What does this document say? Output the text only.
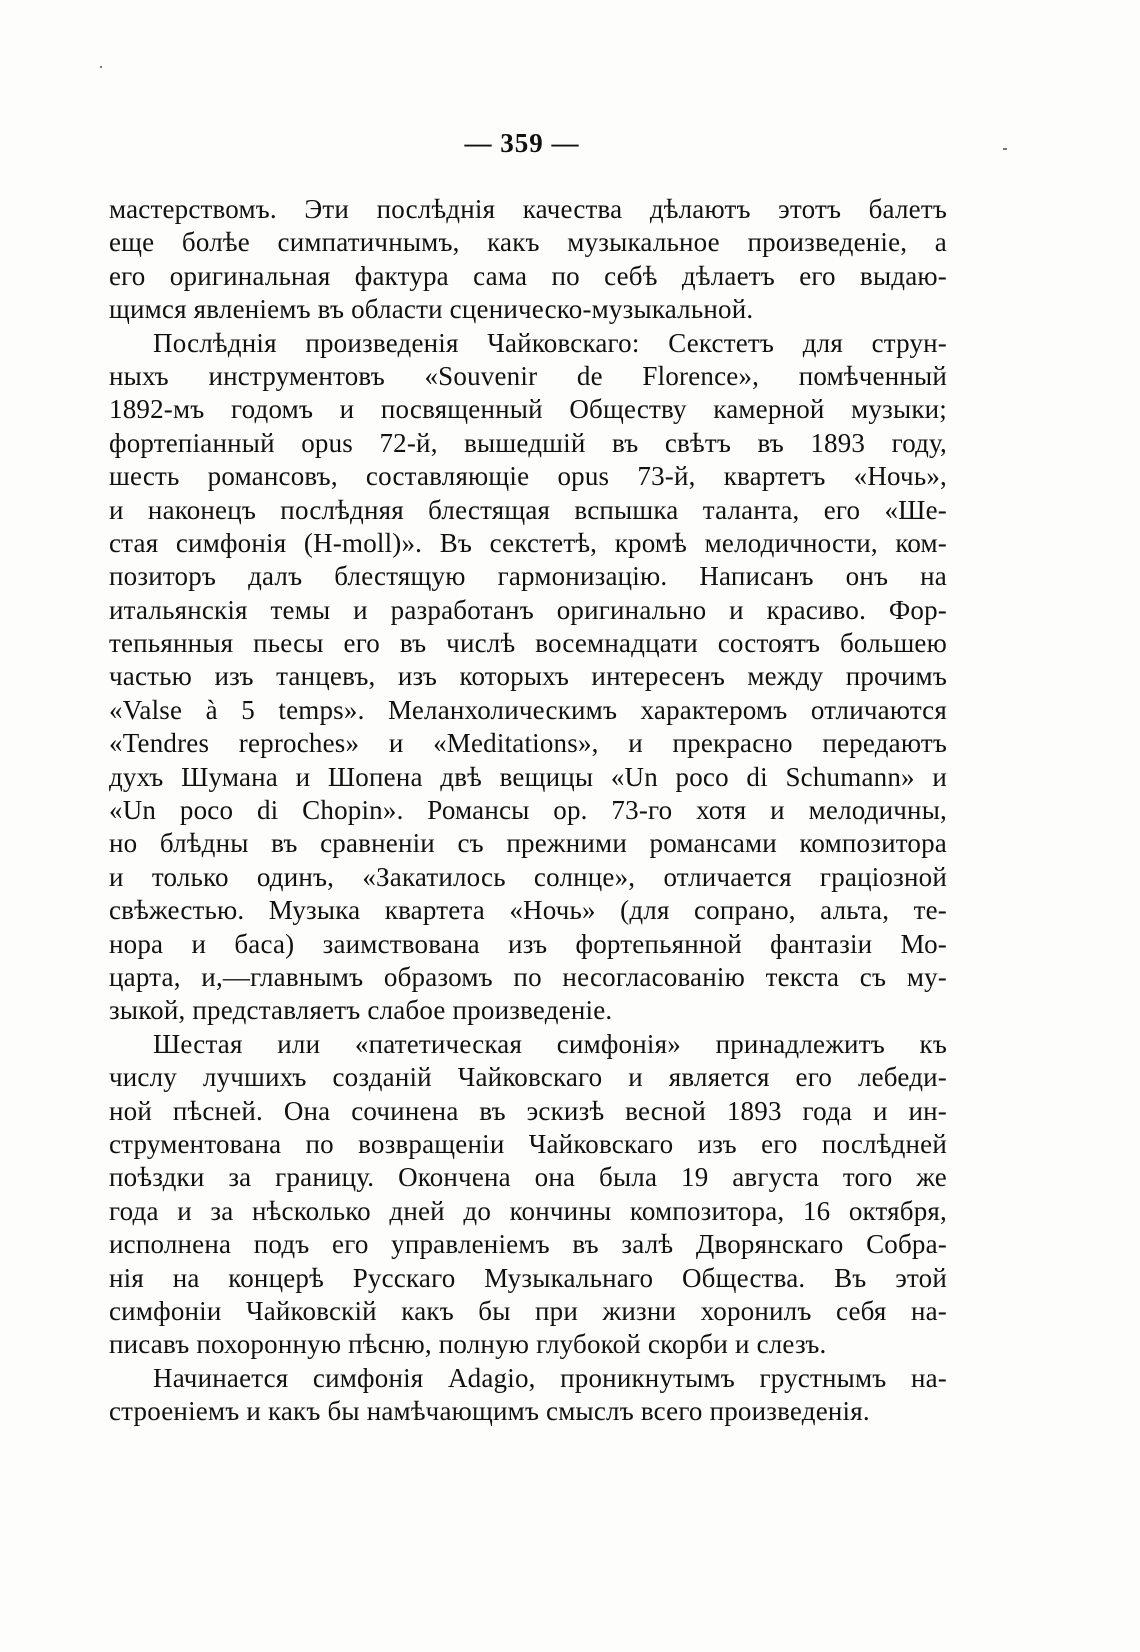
— 359 —
мастерствомъ. Эти послѣднія качества дѣлаютъ этотъ балетъ
еще болѣе симпатичнымъ, какъ музыкальное произведеніе, а
его оригинальная фактура сама по себѣ дѣлаетъ его выдаю-
щимся явленіемъ въ области сценическо-музыкальной.
Послѣднія произведенія Чайковскаго: Секстетъ для струн-
ныхъ инструментовъ «Souvenir de Florence», помѣченный
1892-мъ годомъ и посвященный Обществу камерной музыки;
фортепіанный opus 72-й, вышедшій въ свѣтъ въ 1893 году,
шесть романсовъ, составляющіе opus 73-й, квартетъ «Ночь»,
и наконецъ послѣдняя блестящая вспышка таланта, его «Ше-
стая симфонія (H-moll)». Въ секстетѣ, кромѣ мелодичности, ком-
позиторъ далъ блестящую гармонизацію. Написанъ онъ на
итальянскія темы и разработанъ оригинально и красиво. Фор-
тепьянныя пьесы его въ числѣ восемнадцати состоятъ большею
частью изъ танцевъ, изъ которыхъ интересенъ между прочимъ
«Valse à 5 temps». Меланхолическимъ характеромъ отличаются
«Tendres reproches» и «Meditations», и прекрасно передаютъ
духъ Шумана и Шопена двѣ вещицы «Un poco di Schumann» и
«Un poco di Chopin». Романсы ор. 73-го хотя и мелодичны,
но блѣдны въ сравненіи съ прежними романсами композитора
и только одинъ, «Закатилось солнце», отличается граціозной
свѣжестью. Музыка квартета «Ночь» (для сопрано, альта, те-
нора и баса) заимствована изъ фортепьянной фантазіи Мо-
царта, и,—главнымъ образомъ по несогласованію текста съ му-
зыкой, представляетъ слабое произведеніе.
Шестая или «патетическая симфонія» принадлежитъ къ
числу лучшихъ созданій Чайковскаго и является его лебеди-
ной пѣсней. Она сочинена въ эскизѣ весной 1893 года и ин-
струментована по возвращеніи Чайковскаго изъ его послѣдней
поѣздки за границу. Окончена она была 19 августа того же
года и за нѣсколько дней до кончины композитора, 16 октября,
исполнена подъ его управленіемъ въ залѣ Дворянскаго Собра-
нія на концерѣ Русскаго Музыкальнаго Общества. Въ этой
симфоніи Чайковскій какъ бы при жизни хоронилъ себя на-
писавъ похоронную пѣсню, полную глубокой скорби и слезъ.
Начинается симфонія Adagio, проникнутымъ грустнымъ на-
строеніемъ и какъ бы намѣчающимъ смыслъ всего произведенія.
